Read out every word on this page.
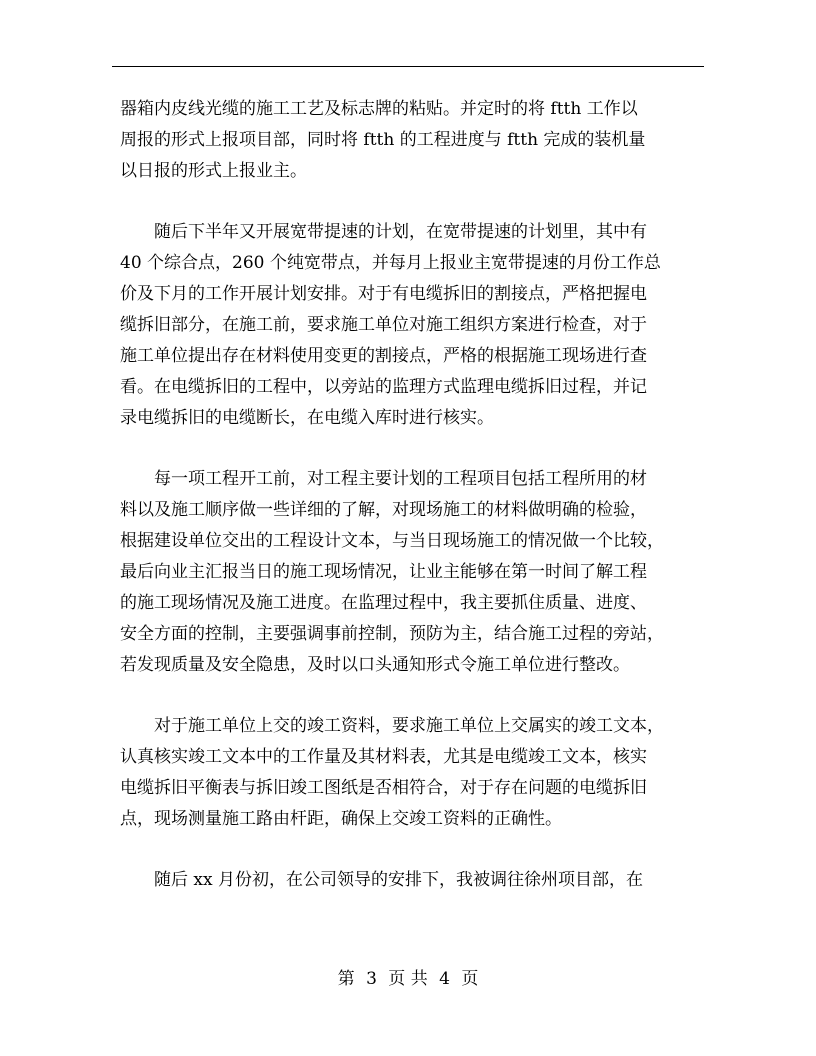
器箱内皮线光缆的施工工艺及标志牌的粘贴。并定时的将 ftth 工作以

周报的形式上报项目部，同时将 ftth 的工程进度与 ftth 完成的装机量

以日报的形式上报业主。

随后下半年又开展宽带提速的计划，在宽带提速的计划里，其中有

40 个综合点，260 个纯宽带点，并每月上报业主宽带提速的月份工作总

价及下月的工作开展计划安排。对于有电缆拆旧的割接点，严格把握电

缆拆旧部分，在施工前，要求施工单位对施工组织方案进行检查，对于

施工单位提出存在材料使用变更的割接点，严格的根据施工现场进行查

看。在电缆拆旧的工程中，以旁站的监理方式监理电缆拆旧过程，并记

录电缆拆旧的电缆断长，在电缆入库时进行核实。

每一项工程开工前，对工程主要计划的工程项目包括工程所用的材

料以及施工顺序做一些详细的了解，对现场施工的材料做明确的检验，

根据建设单位交出的工程设计文本，与当日现场施工的情况做一个比较，

最后向业主汇报当日的施工现场情况，让业主能够在第一时间了解工程

的施工现场情况及施工进度。在监理过程中，我主要抓住质量、进度、

安全方面的控制，主要强调事前控制，预防为主，结合施工过程的旁站，

若发现质量及安全隐患，及时以口头通知形式令施工单位进行整改。

对于施工单位上交的竣工资料，要求施工单位上交属实的竣工文本，

认真核实竣工文本中的工作量及其材料表，尤其是电缆竣工文本，核实

电缆拆旧平衡表与拆旧竣工图纸是否相符合，对于存在问题的电缆拆旧

点，现场测量施工路由杆距，确保上交竣工资料的正确性。

随后 xx 月份初，在公司领导的安排下，我被调往徐州项目部，在

第 3 页 共 4 页
